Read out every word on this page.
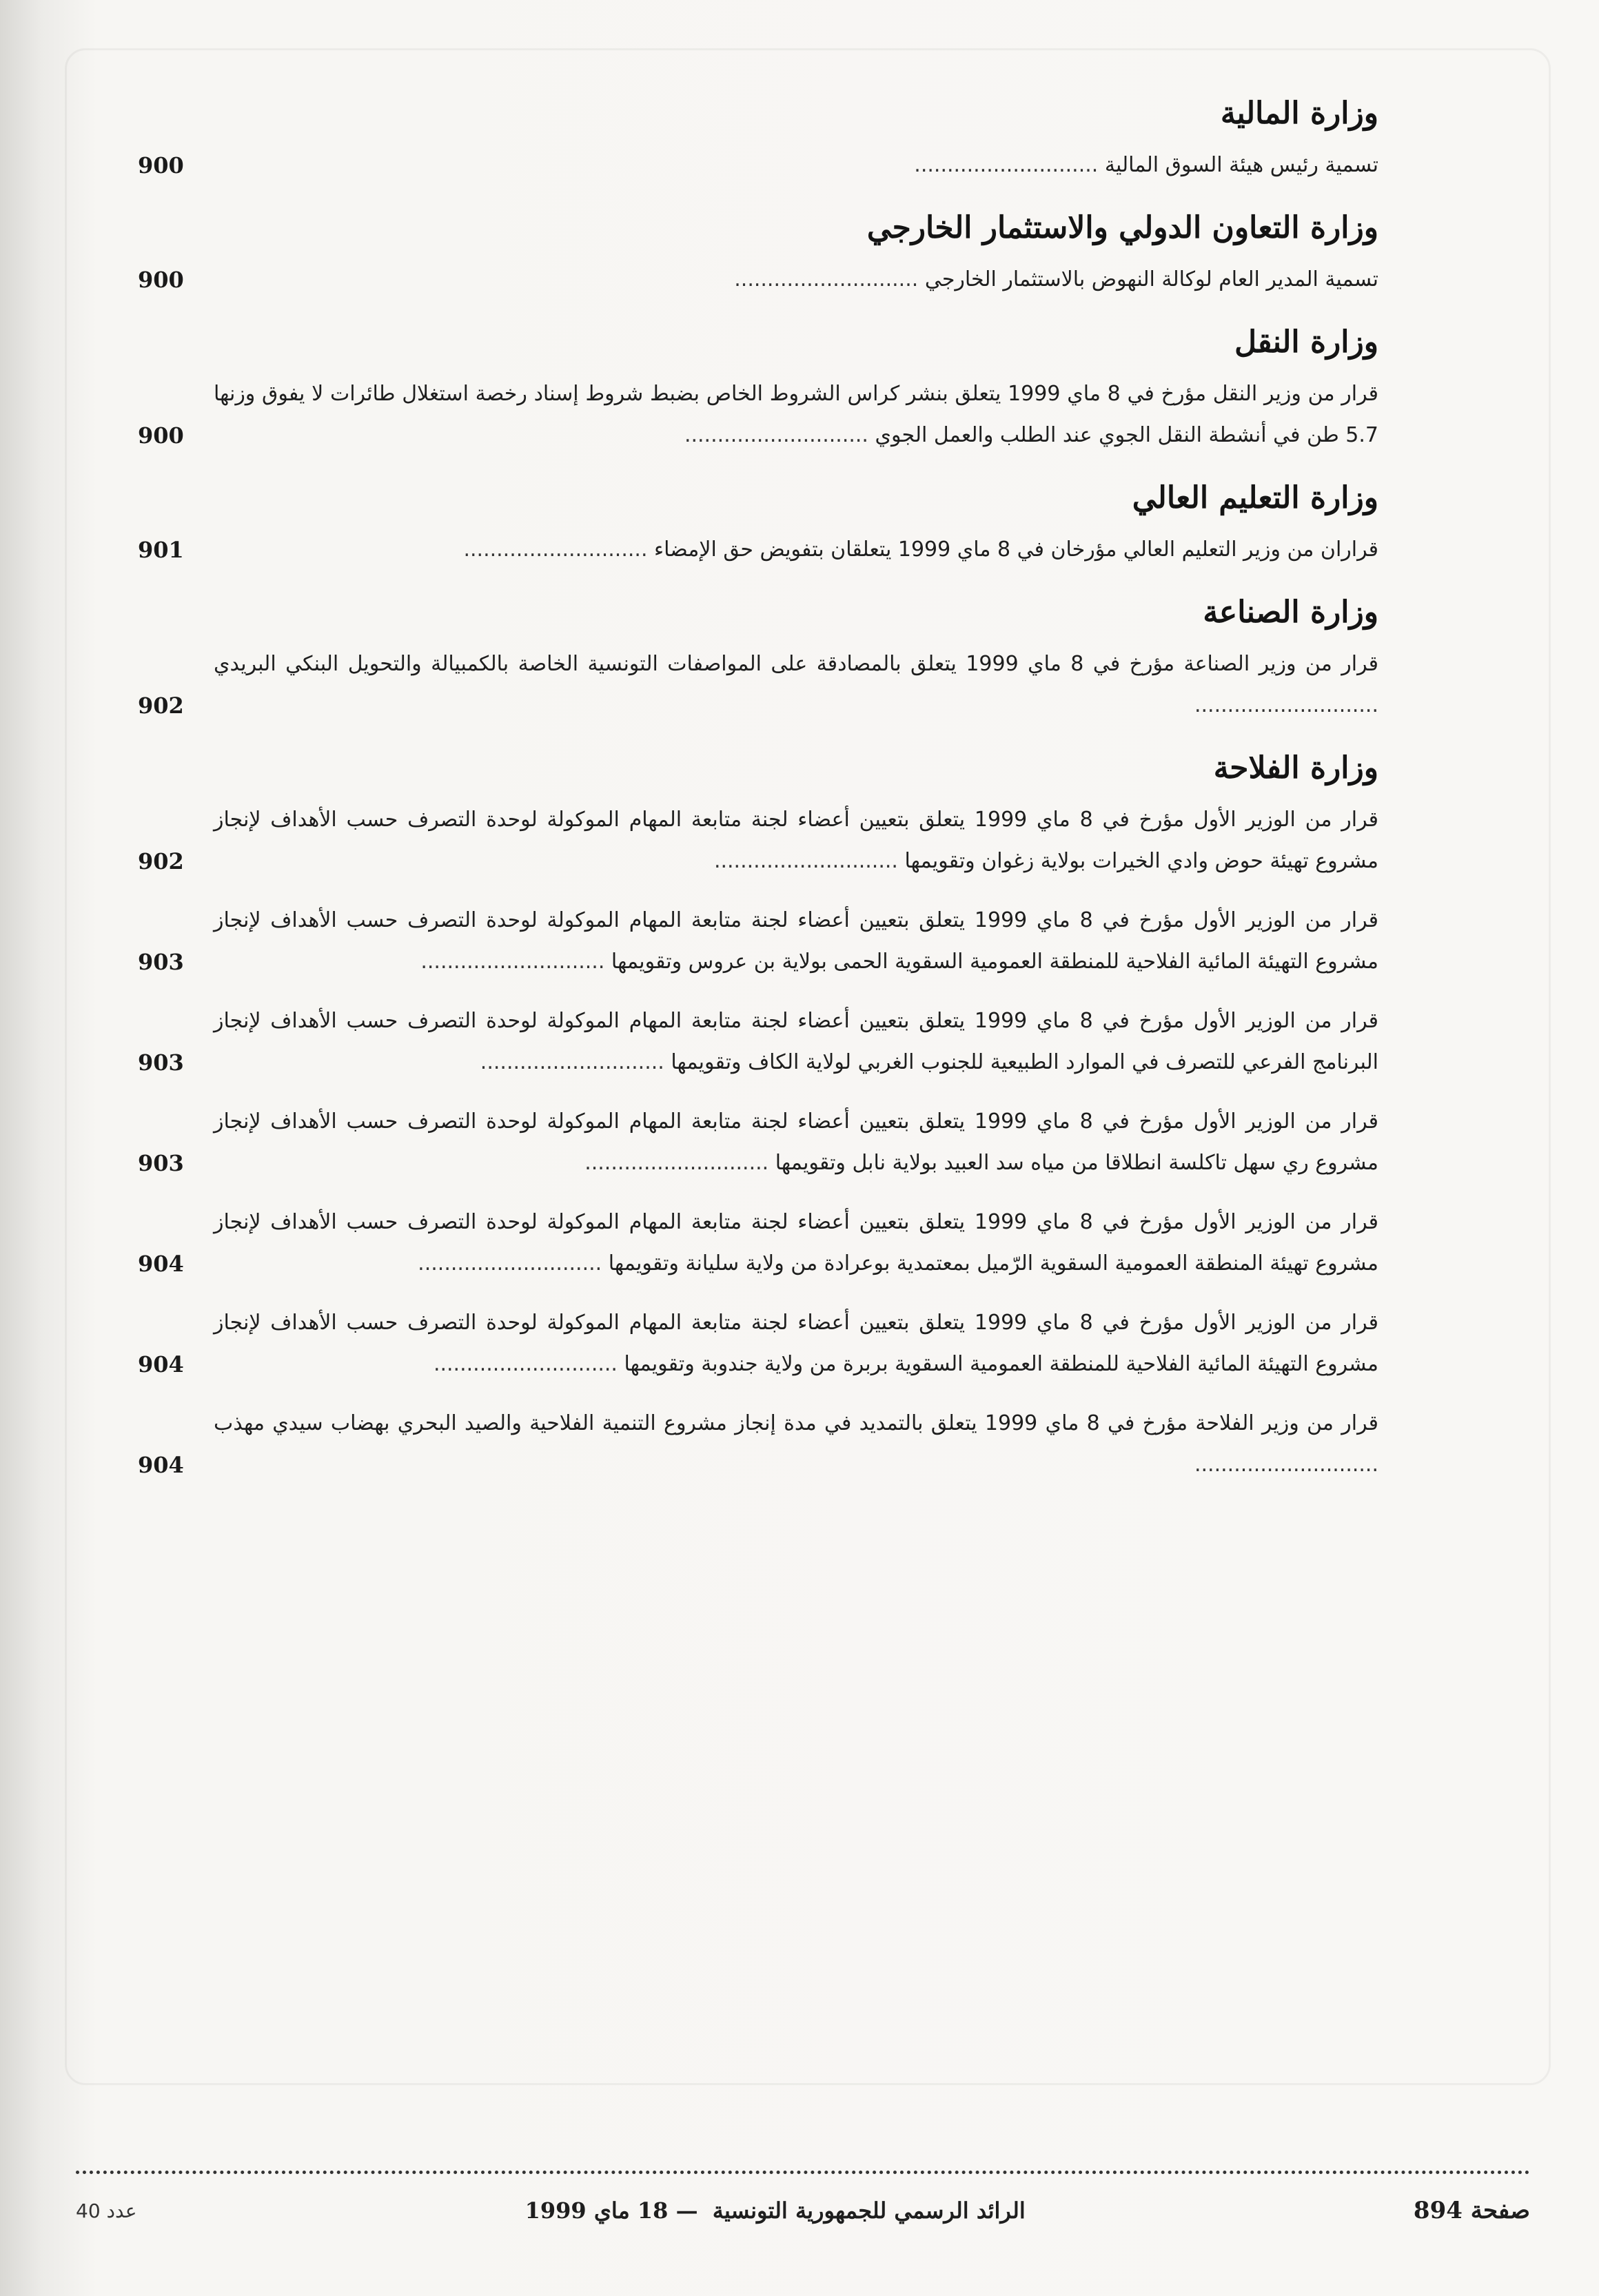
وزارة المالية
تسمية رئيس هيئة السوق المالية ............................
900
وزارة التعاون الدولي والاستثمار الخارجي
تسمية المدير العام لوكالة النهوض بالاستثمار الخارجي ............................
900
وزارة النقل
قرار من وزير النقل مؤرخ في 8 ماي 1999 يتعلق بنشر كراس الشروط الخاص بضبط شروط إسناد رخصة استغلال طائرات لا يفوق وزنها 5.7 طن في أنشطة النقل الجوي عند الطلب والعمل الجوي ............................
900
وزارة التعليم العالي
قراران من وزير التعليم العالي مؤرخان في 8 ماي 1999 يتعلقان بتفويض حق الإمضاء ............................
901
وزارة الصناعة
قرار من وزير الصناعة مؤرخ في 8 ماي 1999 يتعلق بالمصادقة على المواصفات التونسية الخاصة بالكمبيالة والتحويل البنكي البريدي ............................
902
وزارة الفلاحة
قرار من الوزير الأول مؤرخ في 8 ماي 1999 يتعلق بتعيين أعضاء لجنة متابعة المهام الموكولة لوحدة التصرف حسب الأهداف لإنجاز مشروع تهيئة حوض وادي الخيرات بولاية زغوان وتقويمها ............................
902
قرار من الوزير الأول مؤرخ في 8 ماي 1999 يتعلق بتعيين أعضاء لجنة متابعة المهام الموكولة لوحدة التصرف حسب الأهداف لإنجاز مشروع التهيئة المائية الفلاحية للمنطقة العمومية السقوية الحمى بولاية بن عروس وتقويمها ............................
903
قرار من الوزير الأول مؤرخ في 8 ماي 1999 يتعلق بتعيين أعضاء لجنة متابعة المهام الموكولة لوحدة التصرف حسب الأهداف لإنجاز البرنامج الفرعي للتصرف في الموارد الطبيعية للجنوب الغربي لولاية الكاف وتقويمها ............................
903
قرار من الوزير الأول مؤرخ في 8 ماي 1999 يتعلق بتعيين أعضاء لجنة متابعة المهام الموكولة لوحدة التصرف حسب الأهداف لإنجاز مشروع ري سهل تاكلسة انطلاقا من مياه سد العبيد بولاية نابل وتقويمها ............................
903
قرار من الوزير الأول مؤرخ في 8 ماي 1999 يتعلق بتعيين أعضاء لجنة متابعة المهام الموكولة لوحدة التصرف حسب الأهداف لإنجاز مشروع تهيئة المنطقة العمومية السقوية الرّميل بمعتمدية بوعرادة من ولاية سليانة وتقويمها ............................
904
قرار من الوزير الأول مؤرخ في 8 ماي 1999 يتعلق بتعيين أعضاء لجنة متابعة المهام الموكولة لوحدة التصرف حسب الأهداف لإنجاز مشروع التهيئة المائية الفلاحية للمنطقة العمومية السقوية بربرة من ولاية جندوبة وتقويمها ............................
904
قرار من وزير الفلاحة مؤرخ في 8 ماي 1999 يتعلق بالتمديد في مدة إنجاز مشروع التنمية الفلاحية والصيد البحري بهضاب سيدي مهذب ............................
904
عدد 40	الرائد الرسمي للجمهورية التونسية — 18 ماي 1999	صفحة 894
